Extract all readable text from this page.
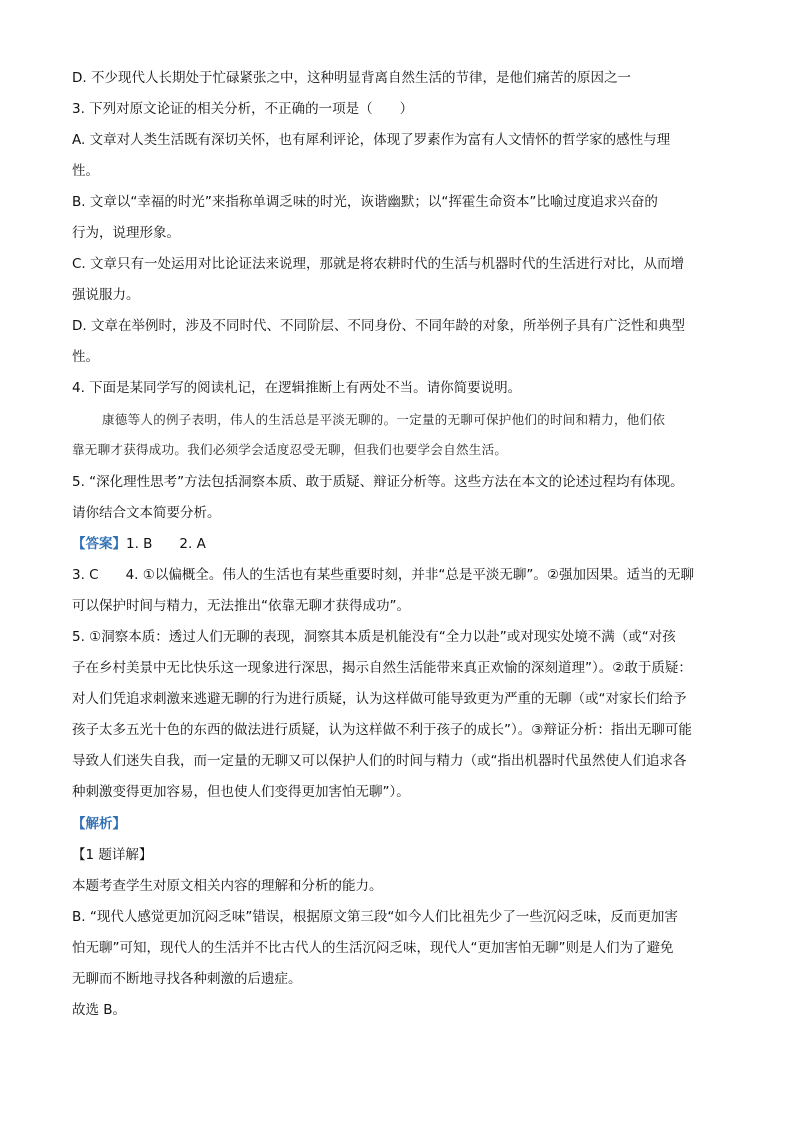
D. 不少现代人长期处于忙碌紧张之中，这种明显背离自然生活的节律，是他们痛苦的原因之一
3. 下列对原文论证的相关分析，不正确的一项是（　　）
A. 文章对人类生活既有深切关怀，也有犀利评论，体现了罗素作为富有人文情怀的哲学家的感性与理
性。
B. 文章以“幸福的时光”来指称单调乏味的时光，诙谐幽默；以“挥霍生命资本”比喻过度追求兴奋的
行为，说理形象。
C. 文章只有一处运用对比论证法来说理，那就是将农耕时代的生活与机器时代的生活进行对比，从而增
强说服力。
D. 文章在举例时，涉及不同时代、不同阶层、不同身份、不同年龄的对象，所举例子具有广泛性和典型
性。
4. 下面是某同学写的阅读札记，在逻辑推断上有两处不当。请你简要说明。
康德等人的例子表明，伟人的生活总是平淡无聊的。一定量的无聊可保护他们的时间和精力，他们依
靠无聊才获得成功。我们必须学会适度忍受无聊，但我们也要学会自然生活。
5. “深化理性思考”方法包括洞察本质、敢于质疑、辩证分析等。这些方法在本文的论述过程均有体现。
请你结合文本简要分析。
【答案】1. B　　2. A
3. C　　4. ①以偏概全。伟人的生活也有某些重要时刻，并非“总是平淡无聊”。②强加因果。适当的无聊
可以保护时间与精力，无法推出“依靠无聊才获得成功”。
5. ①洞察本质：透过人们无聊的表现，洞察其本质是机能没有“全力以赴”或对现实处境不满（或“对孩
子在乡村美景中无比快乐这一现象进行深思，揭示自然生活能带来真正欢愉的深刻道理”）。②敢于质疑：
对人们凭追求刺激来逃避无聊的行为进行质疑，认为这样做可能导致更为严重的无聊（或“对家长们给予
孩子太多五光十色的东西的做法进行质疑，认为这样做不利于孩子的成长”）。③辩证分析：指出无聊可能
导致人们迷失自我，而一定量的无聊又可以保护人们的时间与精力（或“指出机器时代虽然使人们追求各
种刺激变得更加容易，但也使人们变得更加害怕无聊”）。
【解析】
【1 题详解】
本题考查学生对原文相关内容的理解和分析的能力。
B. “现代人感觉更加沉闷乏味”错误，根据原文第三段“如今人们比祖先少了一些沉闷乏味，反而更加害
怕无聊”可知，现代人的生活并不比古代人的生活沉闷乏味，现代人“更加害怕无聊”则是人们为了避免
无聊而不断地寻找各种刺激的后遗症。
故选 B。
